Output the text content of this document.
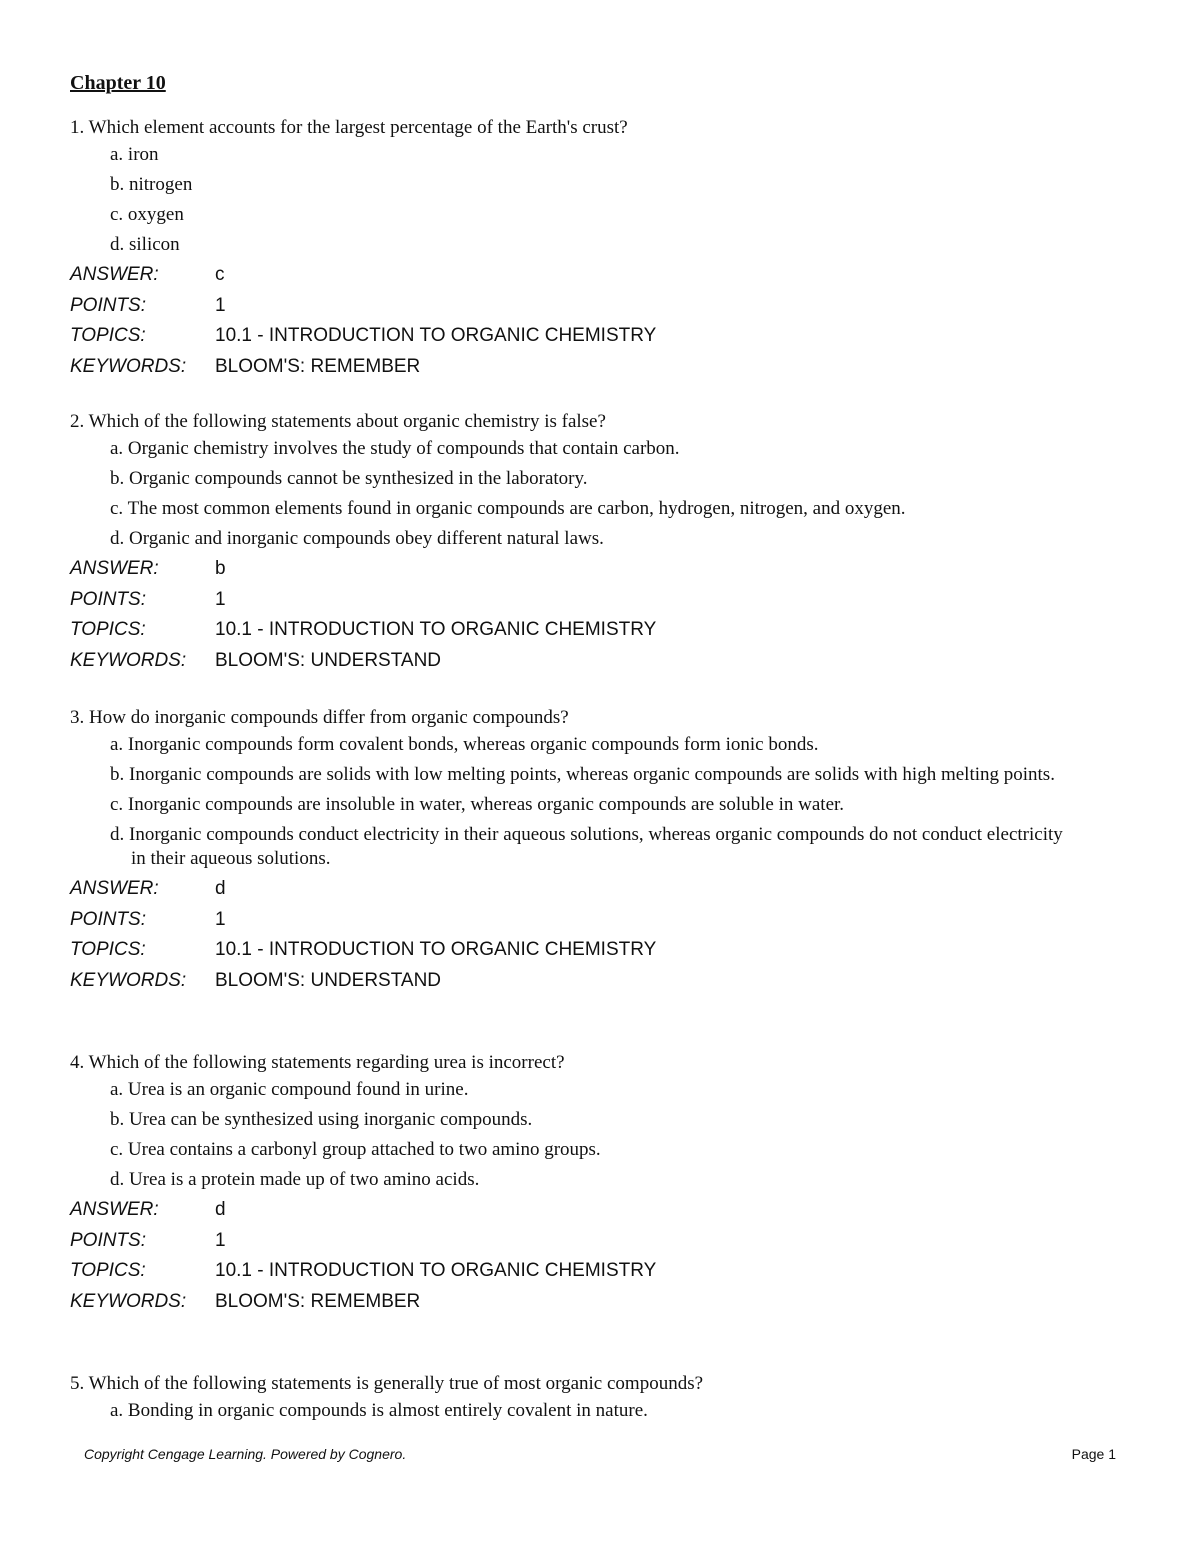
Chapter 10
1. Which element accounts for the largest percentage of the Earth's crust?
a. iron
b. nitrogen
c. oxygen
d. silicon
ANSWER:	c
POINTS:	1
TOPICS:	10.1 - INTRODUCTION TO ORGANIC CHEMISTRY
KEYWORDS:	BLOOM'S: REMEMBER
2. Which of the following statements about organic chemistry is false?
a. Organic chemistry involves the study of compounds that contain carbon.
b. Organic compounds cannot be synthesized in the laboratory.
c. The most common elements found in organic compounds are carbon, hydrogen, nitrogen, and oxygen.
d. Organic and inorganic compounds obey different natural laws.
ANSWER:	b
POINTS:	1
TOPICS:	10.1 - INTRODUCTION TO ORGANIC CHEMISTRY
KEYWORDS:	BLOOM'S: UNDERSTAND
3. How do inorganic compounds differ from organic compounds?
a. Inorganic compounds form covalent bonds, whereas organic compounds form ionic bonds.
b. Inorganic compounds are solids with low melting points, whereas organic compounds are solids with high melting points.
c. Inorganic compounds are insoluble in water, whereas organic compounds are soluble in water.
d. Inorganic compounds conduct electricity in their aqueous solutions, whereas organic compounds do not conduct electricity in their aqueous solutions.
ANSWER:	d
POINTS:	1
TOPICS:	10.1 - INTRODUCTION TO ORGANIC CHEMISTRY
KEYWORDS:	BLOOM'S: UNDERSTAND
4. Which of the following statements regarding urea is incorrect?
a. Urea is an organic compound found in urine.
b. Urea can be synthesized using inorganic compounds.
c. Urea contains a carbonyl group attached to two amino groups.
d. Urea is a protein made up of two amino acids.
ANSWER:	d
POINTS:	1
TOPICS:	10.1 - INTRODUCTION TO ORGANIC CHEMISTRY
KEYWORDS:	BLOOM'S: REMEMBER
5. Which of the following statements is generally true of most organic compounds?
a. Bonding in organic compounds is almost entirely covalent in nature.
Copyright Cengage Learning. Powered by Cognero.	Page 1
